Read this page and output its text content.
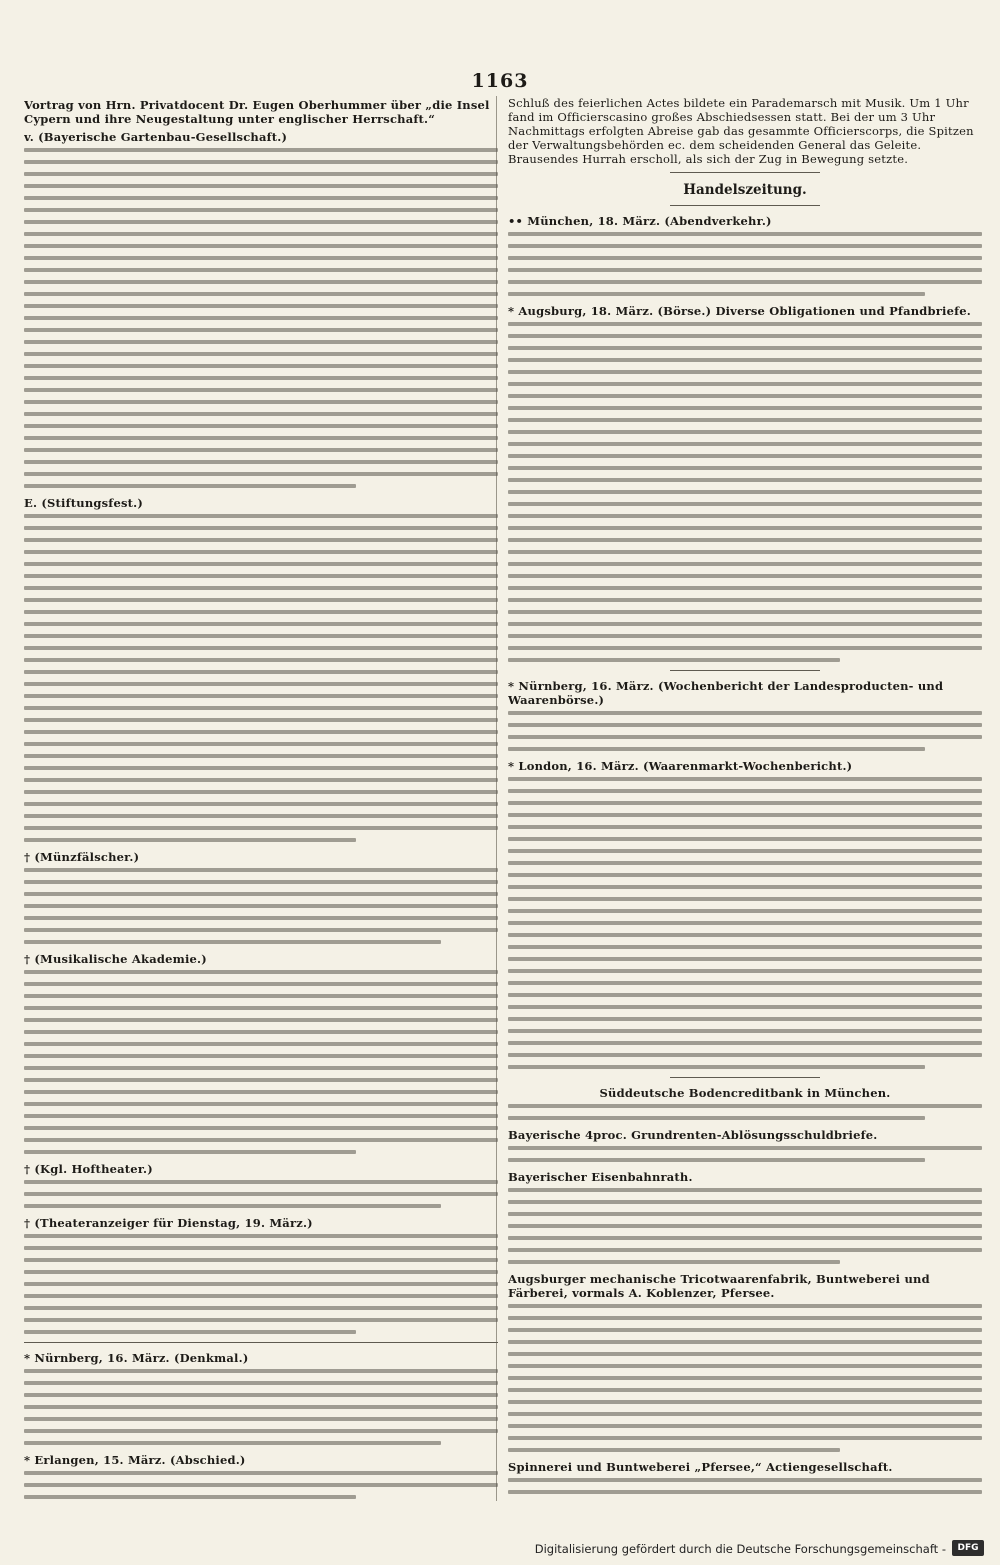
1163
Vortrag von Hrn. Privatdocent Dr. Eugen Oberhummer über „die Insel Cypern und ihre Neugestaltung unter englischer Herrschaft.“
v. (Bayerische Gartenbau-Gesellschaft.)
E. (Stiftungsfest.)
† (Münzfälscher.)
† (Musikalische Akademie.)
† (Kgl. Hoftheater.)
† (Theateranzeiger für Dienstag, 19. März.)
* Nürnberg, 16. März. (Denkmal.)
* Erlangen, 15. März. (Abschied.)

Schluß des feierlichen Actes bildete ein Parademarsch mit Musik. Um 1 Uhr fand im Officierscasino großes Abschiedsessen statt. Bei der um 3 Uhr Nachmittags erfolgten Abreise gab das gesammte Officierscorps, die Spitzen der Verwaltungsbehörden ec. dem scheidenden General das Geleite. Brausendes Hurrah erscholl, als sich der Zug in Bewegung setzte.

Handelszeitung.
•• München, 18. März. (Abendverkehr.)
* Augsburg, 18. März. (Börse.) Diverse Obligationen und Pfandbriefe.
* Nürnberg, 16. März. (Wochenbericht der Landesproducten- und Waarenbörse.)
* London, 16. März. (Waarenmarkt-Wochenbericht.)
Süddeutsche Bodencreditbank in München.
Bayerische 4proc. Grundrenten-Ablösungsschuldbriefe.
Bayerischer Eisenbahnrath.
Augsburger mechanische Tricotwaarenfabrik, Buntweberei und Färberei, vormals A. Koblenzer, Pfersee.
Spinnerei und Buntweberei „Pfersee,“ Actiengesellschaft.
Digitalisierung gefördert durch die Deutsche Forschungsgemeinschaft -	DFG
